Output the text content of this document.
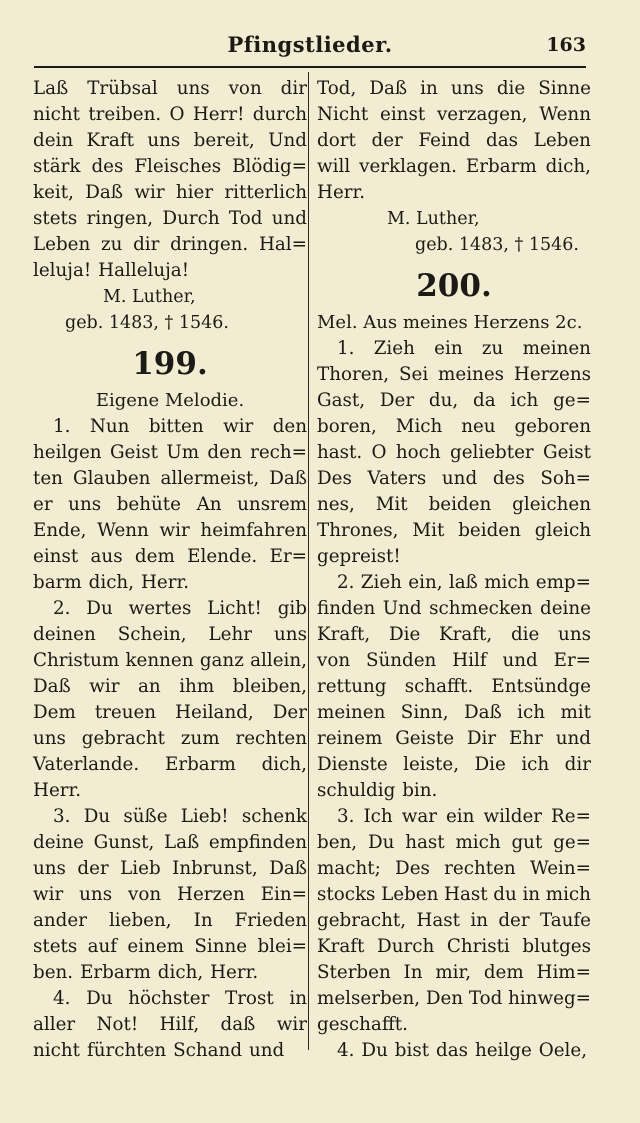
Pfingstlieder.	163
Laß Trübsal uns von dir
nicht treiben. O Herr! durch
dein Kraft uns bereit, Und
stärk des Fleisches Blödig=
keit, Daß wir hier ritterlich
stets ringen, Durch Tod und
Leben zu dir dringen. Hal=
leluja! Halleluja!
M. Luther,
geb. 1483, † 1546.
199.
Eigene Melodie.
1. Nun bitten wir den
heilgen Geist Um den rech=
ten Glauben allermeist, Daß
er uns behüte An unsrem
Ende, Wenn wir heimfahren
einst aus dem Elende. Er=
barm dich, Herr.
2. Du wertes Licht! gib
deinen Schein, Lehr uns
Christum kennen ganz allein,
Daß wir an ihm bleiben,
Dem treuen Heiland, Der
uns gebracht zum rechten
Vaterlande. Erbarm dich,
Herr.
3. Du süße Lieb! schenk
deine Gunst, Laß empfinden
uns der Lieb Inbrunst, Daß
wir uns von Herzen Ein=
ander lieben, In Frieden
stets auf einem Sinne blei=
ben. Erbarm dich, Herr.
4. Du höchster Trost in
aller Not! Hilf, daß wir
nicht fürchten Schand und
Tod, Daß in uns die Sinne
Nicht einst verzagen, Wenn
dort der Feind das Leben
will verklagen. Erbarm dich,
Herr.
M. Luther,
geb. 1483, † 1546.
200.
Mel. Aus meines Herzens 2c.
1. Zieh ein zu meinen
Thoren, Sei meines Herzens
Gast, Der du, da ich ge=
boren, Mich neu geboren
hast. O hoch geliebter Geist
Des Vaters und des Soh=
nes, Mit beiden gleichen
Thrones, Mit beiden gleich
gepreist!
2. Zieh ein, laß mich emp=
finden Und schmecken deine
Kraft, Die Kraft, die uns
von Sünden Hilf und Er=
rettung schafft. Entsündge
meinen Sinn, Daß ich mit
reinem Geiste Dir Ehr und
Dienste leiste, Die ich dir
schuldig bin.
3. Ich war ein wilder Re=
ben, Du hast mich gut ge=
macht; Des rechten Wein=
stocks Leben Hast du in mich
gebracht, Hast in der Taufe
Kraft Durch Christi blutges
Sterben In mir, dem Him=
melserben, Den Tod hinweg=
geschafft.
4. Du bist das heilge Oele,
